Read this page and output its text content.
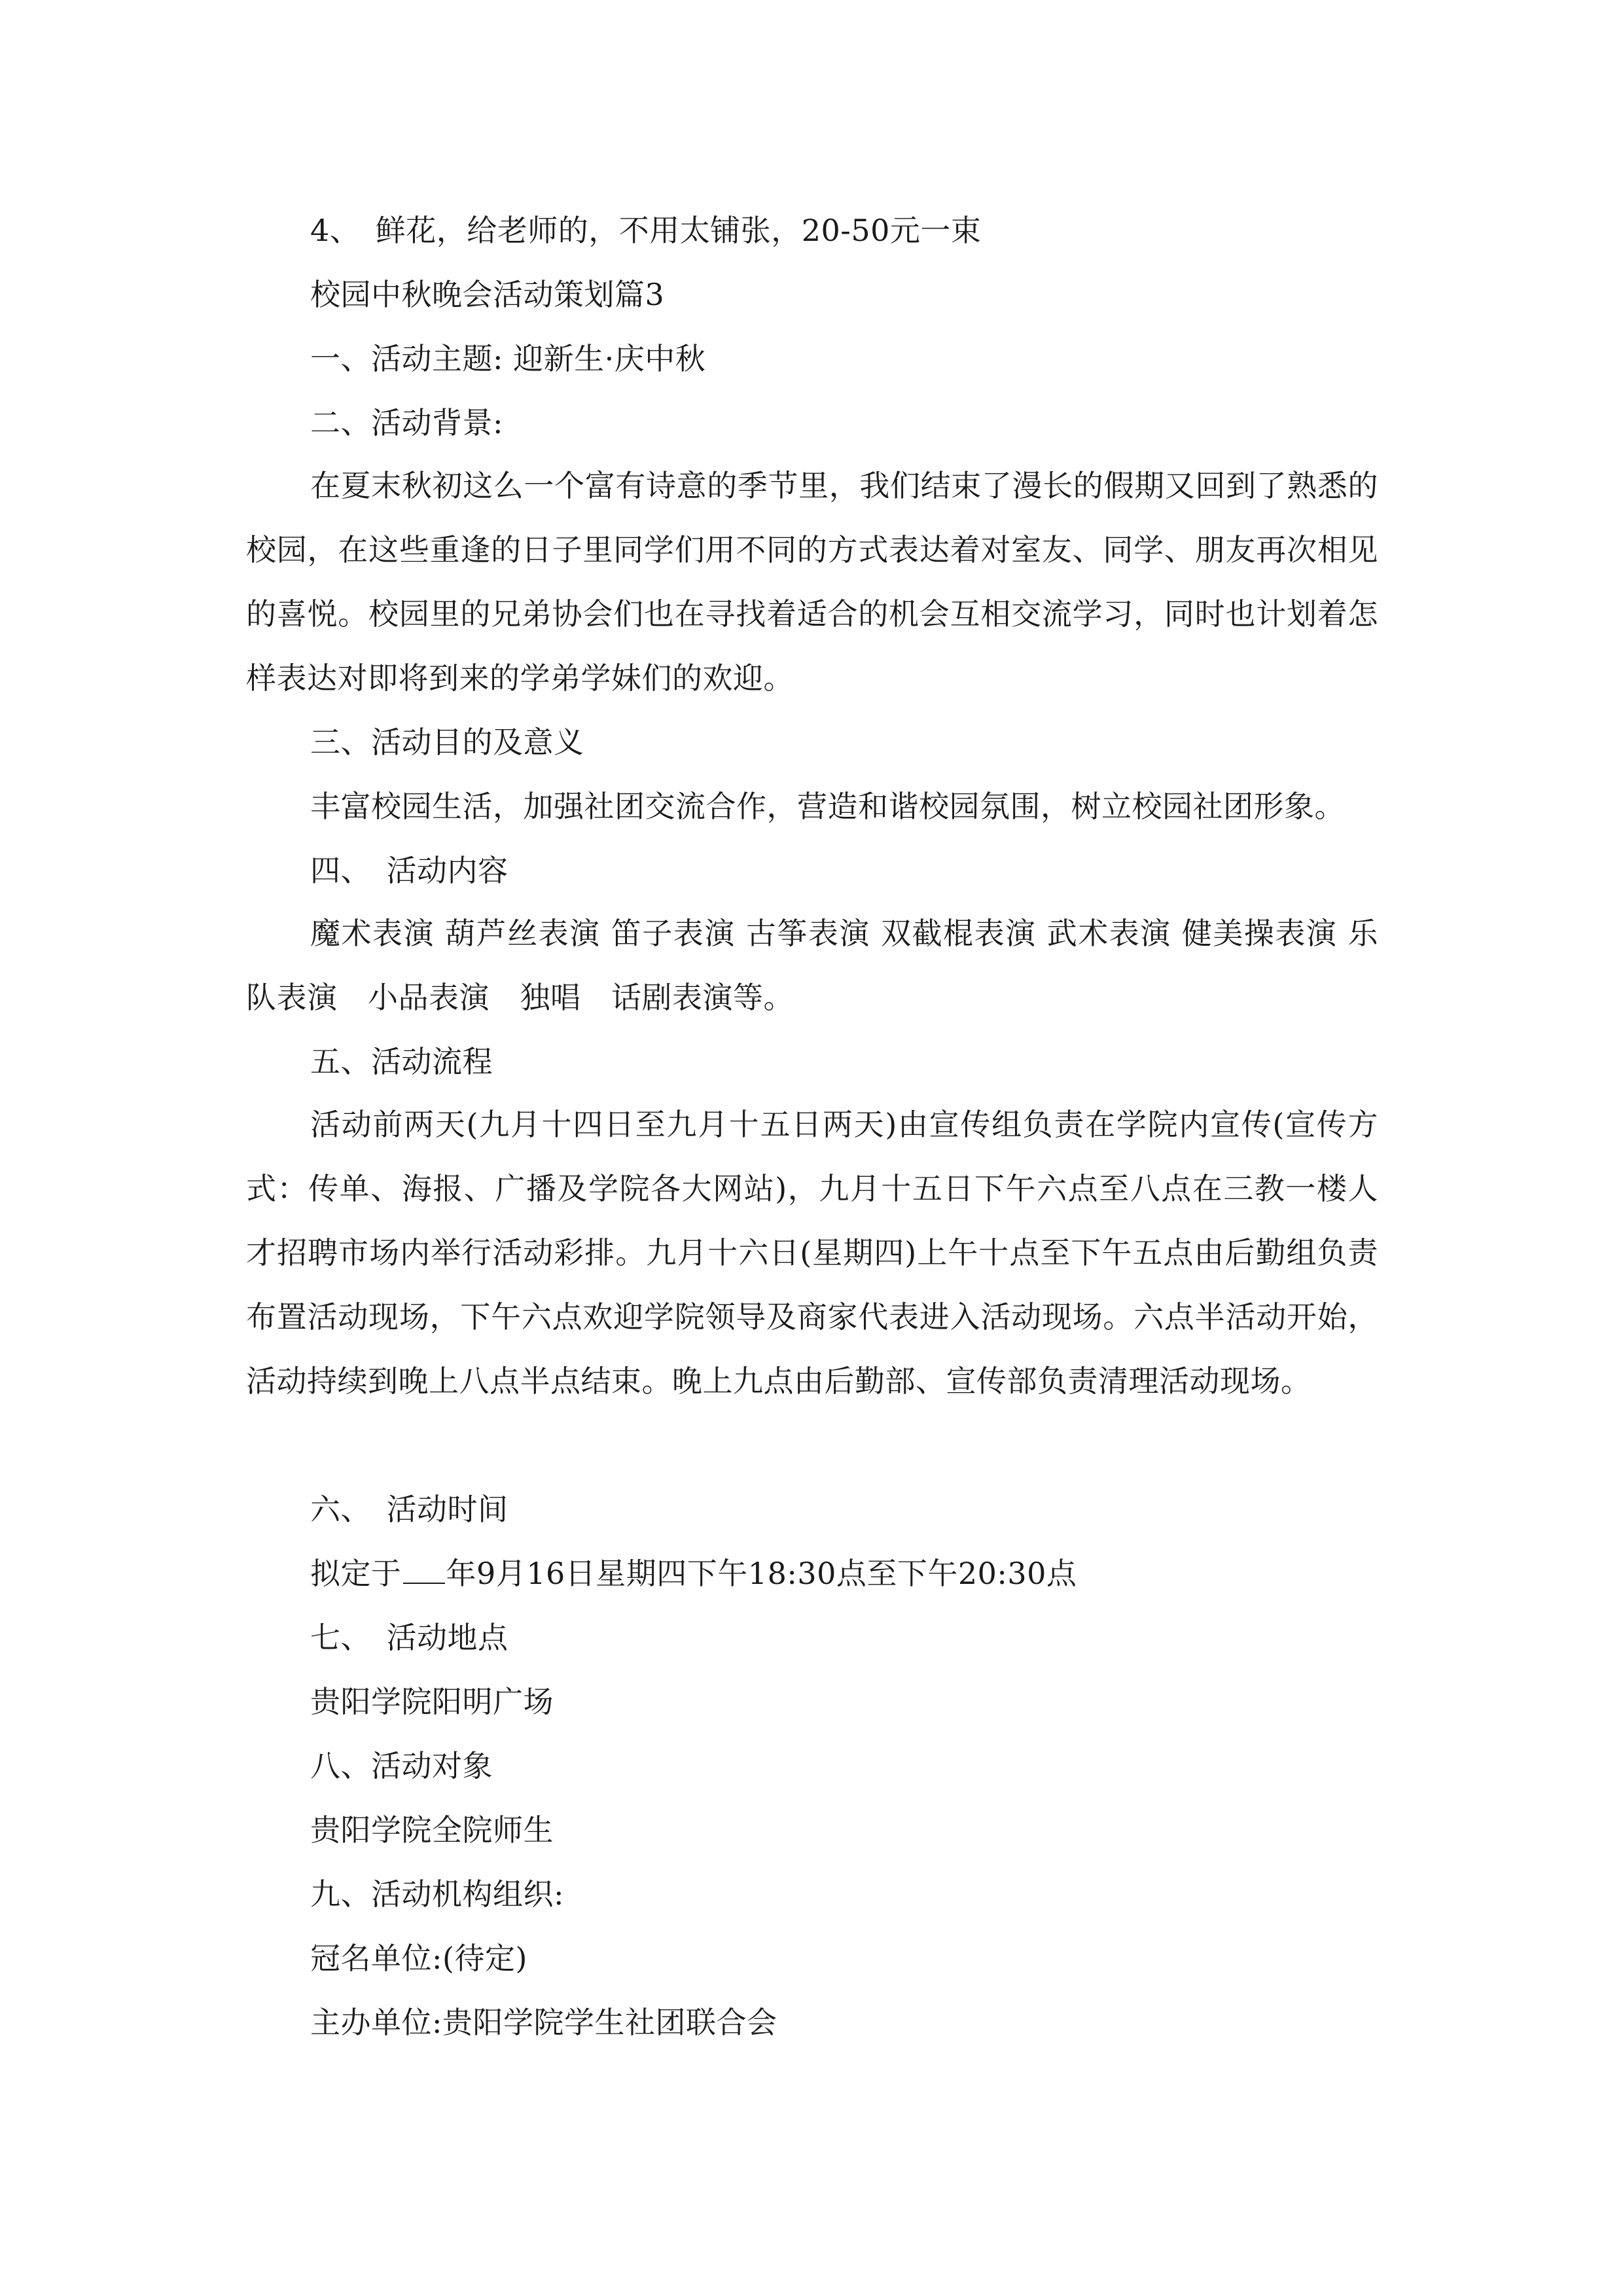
4、　鲜花，给老师的，不用太铺张，20-50元一束
校园中秋晚会活动策划篇3
一、活动主题: 迎新生·庆中秋
二、活动背景:
在夏末秋初这么一个富有诗意的季节里，我们结束了漫长的假期又回到了熟悉的校园，在这些重逢的日子里同学们用不同的方式表达着对室友、同学、朋友再次相见的喜悦。校园里的兄弟协会们也在寻找着适合的机会互相交流学习，同时也计划着怎样表达对即将到来的学弟学妹们的欢迎。
三、活动目的及意义
丰富校园生活，加强社团交流合作，营造和谐校园氛围，树立校园社团形象。
四、　活动内容
魔术表演 葫芦丝表演 笛子表演 古筝表演 双截棍表演 武术表演 健美操表演 乐队表演　小品表演　独唱　话剧表演等。
五、活动流程
活动前两天(九月十四日至九月十五日两天)由宣传组负责在学院内宣传(宣传方式：传单、海报、广播及学院各大网站)，九月十五日下午六点至八点在三教一楼人才招聘市场内举行活动彩排。九月十六日(星期四)上午十点至下午五点由后勤组负责布置活动现场，下午六点欢迎学院领导及商家代表进入活动现场。六点半活动开始，活动持续到晚上八点半点结束。晚上九点由后勤部、宣传部负责清理活动现场。
六、　活动时间
拟定于 年9月16日星期四下午18:30点至下午20:30点
七、　活动地点
贵阳学院阳明广场
八、活动对象
贵阳学院全院师生
九、活动机构组织:
冠名单位:(待定)
主办单位:贵阳学院学生社团联合会
